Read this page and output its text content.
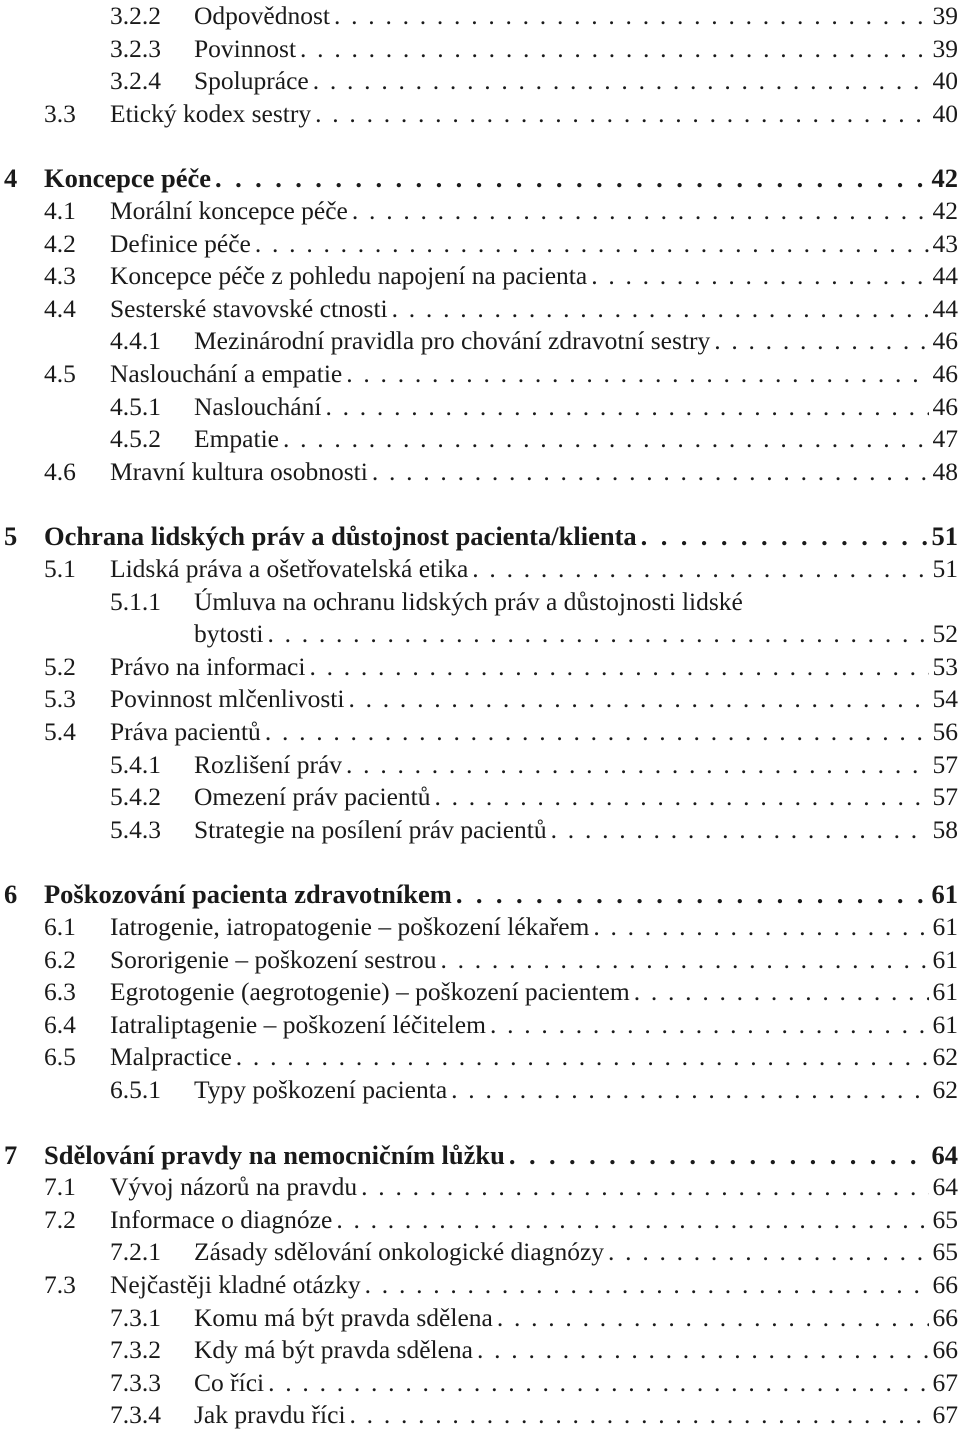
3.2.2	Odpovědnost . . .	39
3.2.3	Povinnost . . .	39
3.2.4	Spolupráce . . .	40
3.3	Etický kodex sestry . . .	40
4	Koncepce péče . . .	42
4.1	Morální koncepce péče . . .	42
4.2	Definice péče . . .	43
4.3	Koncepce péče z pohledu napojení na pacienta . . .	44
4.4	Sesterské stavovské ctnosti . . .	44
4.4.1	Mezinárodní pravidla pro chování zdravotní sestry . . .	46
4.5	Naslouchání a empatie . . .	46
4.5.1	Naslouchání . . .	46
4.5.2	Empatie . . .	47
4.6	Mravní kultura osobnosti . . .	48
5	Ochrana lidských práv a důstojnost pacienta/klienta . . .	51
5.1	Lidská práva a ošetřovatelská etika . . .	51
5.1.1	Úmluva na ochranu lidských práv a důstojnosti lidské
bytosti . . .	52
5.2	Právo na informaci . . .	53
5.3	Povinnost mlčenlivosti . . .	54
5.4	Práva pacientů . . .	56
5.4.1	Rozlišení práv . . .	57
5.4.2	Omezení práv pacientů . . .	57
5.4.3	Strategie na posílení práv pacientů . . .	58
6	Poškozování pacienta zdravotníkem . . .	61
6.1	Iatrogenie, iatropatogenie – poškození lékařem . . .	61
6.2	Sororigenie – poškození sestrou . . .	61
6.3	Egrotogenie (aegrotogenie) – poškození pacientem . . .	61
6.4	Iatraliptagenie – poškození léčitelem . . .	61
6.5	Malpractice . . .	62
6.5.1	Typy poškození pacienta . . .	62
7	Sdělování pravdy na nemocničním lůžku . . .	64
7.1	Vývoj názorů na pravdu . . .	64
7.2	Informace o diagnóze . . .	65
7.2.1	Zásady sdělování onkologické diagnózy . . .	65
7.3	Nejčastěji kladné otázky . . .	66
7.3.1	Komu má být pravda sdělena . . .	66
7.3.2	Kdy má být pravda sdělena . . .	66
7.3.3	Co říci . . .	67
7.3.4	Jak pravdu říci . . .	67
